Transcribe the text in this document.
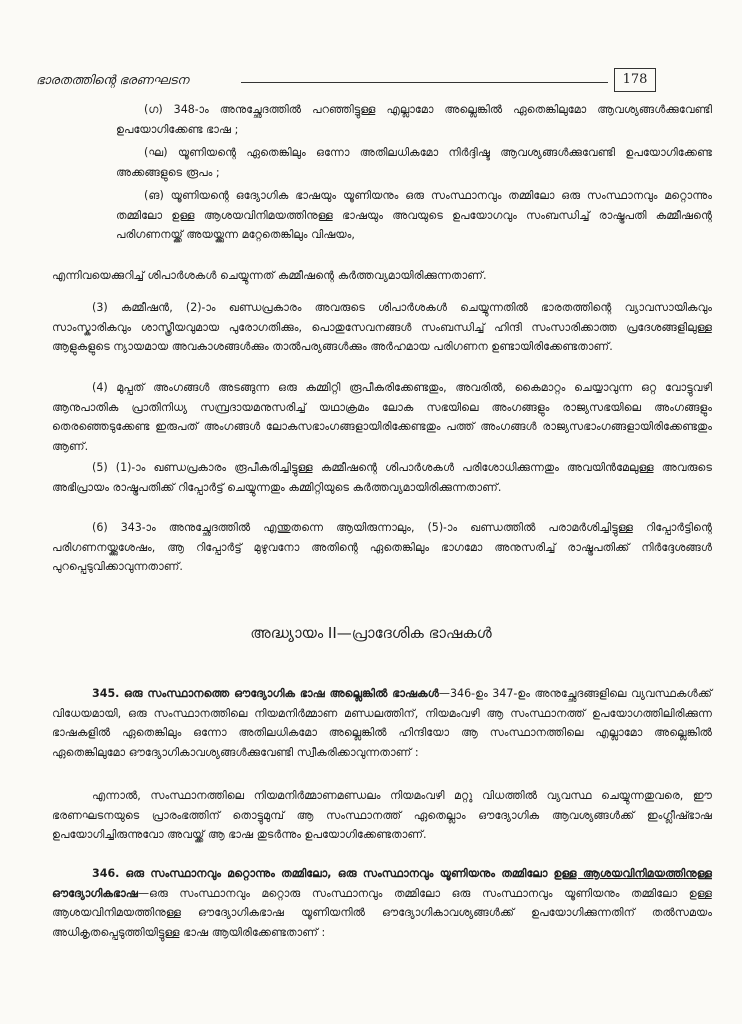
ഭാരതത്തിന്റെ ഭരണഘടന	178

(ഗ) 348-ാം അനുച്ഛേദത്തിൽ പറഞ്ഞിട്ടുള്ള എല്ലാമോ അല്ലെങ്കിൽ ഏതെങ്കിലുമോ ആവശ്യങ്ങൾക്കുവേണ്ടി ഉപയോഗിക്കേണ്ട ഭാഷ ;

(ഘ) യൂണിയന്റെ ഏതെങ്കിലും ഒന്നോ അതിലധികമോ നിർദ്ദിഷ്ട ആവശ്യങ്ങൾക്കുവേണ്ടി ഉപയോഗിക്കേണ്ട അക്കങ്ങളുടെ രൂപം ;

(ങ) യൂണിയന്റെ ഒദ്യോഗിക ഭാഷയും യൂണിയനും ഒരു സംസ്ഥാനവും തമ്മിലോ ഒരു സംസ്ഥാനവും മറ്റൊന്നും തമ്മിലോ ഉള്ള ആശയവിനിമയത്തിനുള്ള ഭാഷയും അവയുടെ ഉപയോഗവും സംബന്ധിച്ച് രാഷ്ട്രപതി കമ്മീഷന്റെ പരിഗണനയ്ക്ക് അയയ്ക്കുന്ന മറ്റേതെങ്കിലും വിഷയം,

എന്നിവയെക്കുറിച്ച് ശിപാർശകൾ ചെയ്യുന്നത് കമ്മീഷന്റെ കർത്തവ്യമായിരിക്കുന്നതാണ്.

(3) കമ്മീഷൻ, (2)-ാം ഖണ്ഡപ്രകാരം അവരുടെ ശിപാർശകൾ ചെയ്യുന്നതിൽ ഭാരതത്തിന്റെ വ്യാവസായികവും സാംസ്കാരികവും ശാസ്ത്രീയവുമായ പുരോഗതിക്കും, പൊതുസേവനങ്ങൾ സംബന്ധിച്ച് ഹിന്ദി സംസാരിക്കാത്ത പ്രദേശങ്ങളിലുള്ള ആളുകളുടെ ന്യായമായ അവകാശങ്ങൾക്കും താൽപര്യങ്ങൾക്കും അർഹമായ പരിഗണന ഉണ്ടായിരിക്കേണ്ടതാണ്.

(4) മുപ്പത് അംഗങ്ങൾ അടങ്ങുന്ന ഒരു കമ്മിറ്റി രൂപീകരിക്കേണ്ടതും, അവരിൽ, കൈമാറ്റം ചെയ്യാവുന്ന ഒറ്റ വോട്ടുവഴി ആനുപാതിക പ്രാതിനിധ്യ സമ്പ്രദായമനുസരിച്ച് യഥാക്രമം ലോക സഭയിലെ അംഗങ്ങളും രാജ്യസഭയിലെ അംഗങ്ങളും തെരഞ്ഞെടുക്കേണ്ട ഇരുപത് അംഗങ്ങൾ ലോകസഭാംഗങ്ങളായിരിക്കേണ്ടതും പത്ത് അംഗങ്ങൾ രാജ്യസഭാംഗങ്ങളായിരിക്കേണ്ടതും ആണ്.

(5) (1)-ാം ഖണ്ഡപ്രകാരം രൂപീകരിച്ചിട്ടുള്ള കമ്മീഷന്റെ ശിപാർശകൾ പരിശോധിക്കുന്നതും അവയിൻമേലുള്ള അവരുടെ അഭിപ്രായം രാഷ്ട്രപതിക്ക് റിപ്പോർട്ട് ചെയ്യുന്നതും കമ്മിറ്റിയുടെ കർത്തവ്യമായിരിക്കുന്നതാണ്.

(6) 343-ാം അനുച്ഛേദത്തിൽ എന്തുതന്നെ ആയിരുന്നാലും, (5)-ാം ഖണ്ഡത്തിൽ പരാമർശിച്ചിട്ടുള്ള റിപ്പോർട്ടിന്റെ പരിഗണനയ്ക്കുശേഷം, ആ റിപ്പോർട്ട് മുഴുവനോ അതിന്റെ ഏതെങ്കിലും ഭാഗമോ അനുസരിച്ച് രാഷ്ട്രപതിക്ക് നിർദ്ദേശങ്ങൾ പുറപ്പെടുവിക്കാവുന്നതാണ്.

അദ്ധ്യായം II—പ്രാദേശിക ഭാഷകൾ

345. ഒരു സംസ്ഥാനത്തെ ഔദ്യോഗിക ഭാഷ അല്ലെങ്കിൽ ഭാഷകൾ—346-ഉം 347-ഉം അനുച്ഛേദങ്ങളിലെ വ്യവസ്ഥകൾക്ക് വിധേയമായി, ഒരു സംസ്ഥാനത്തിലെ നിയമനിർമ്മാണ മണ്ഡലത്തിന്, നിയമംവഴി ആ സംസ്ഥാനത്ത് ഉപയോഗത്തിലിരിക്കുന്ന ഭാഷകളിൽ ഏതെങ്കിലും ഒന്നോ അതിലധികമോ അല്ലെങ്കിൽ ഹിന്ദിയോ ആ സംസ്ഥാനത്തിലെ എല്ലാമോ അല്ലെങ്കിൽ ഏതെങ്കിലുമോ ഔദ്യോഗികാവശ്യങ്ങൾക്കുവേണ്ടി സ്വീകരിക്കാവുന്നതാണ് :

എന്നാൽ, സംസ്ഥാനത്തിലെ നിയമനിർമ്മാണമണ്ഡലം നിയമംവഴി മറ്റു വിധത്തിൽ വ്യവസ്ഥ ചെയ്യുന്നതുവരെ, ഈ ഭരണഘടനയുടെ പ്രാരംഭത്തിന് തൊട്ടുമുമ്പ് ആ സംസ്ഥാനത്ത് ഏതെല്ലാം ഔദ്യോഗിക ആവശ്യങ്ങൾക്ക് ഇംഗ്ലീഷ്ഭാഷ ഉപയോഗിച്ചിരുന്നുവോ അവയ്ക്ക് ആ ഭാഷ തുടർന്നും ഉപയോഗിക്കേണ്ടതാണ്.

346. ഒരു സംസ്ഥാനവും മറ്റൊന്നും തമ്മിലോ, ഒരു സംസ്ഥാനവും യൂണിയനും തമ്മിലോ ഉള്ള ആശയവിനിമയത്തിനുള്ള ഔദ്യോഗികഭാഷ—ഒരു സംസ്ഥാനവും മറ്റൊരു സംസ്ഥാനവും തമ്മിലോ ഒരു സംസ്ഥാനവും യൂണിയനും തമ്മിലോ ഉള്ള ആശയവിനിമയത്തിനുള്ള ഔദ്യോഗികഭാഷ യൂണിയനിൽ ഔദ്യോഗികാവശ്യങ്ങൾക്ക് ഉപയോഗിക്കുന്നതിന് തൽസമയം അധികൃതപ്പെടുത്തിയിട്ടുള്ള ഭാഷ ആയിരിക്കേണ്ടതാണ് :
